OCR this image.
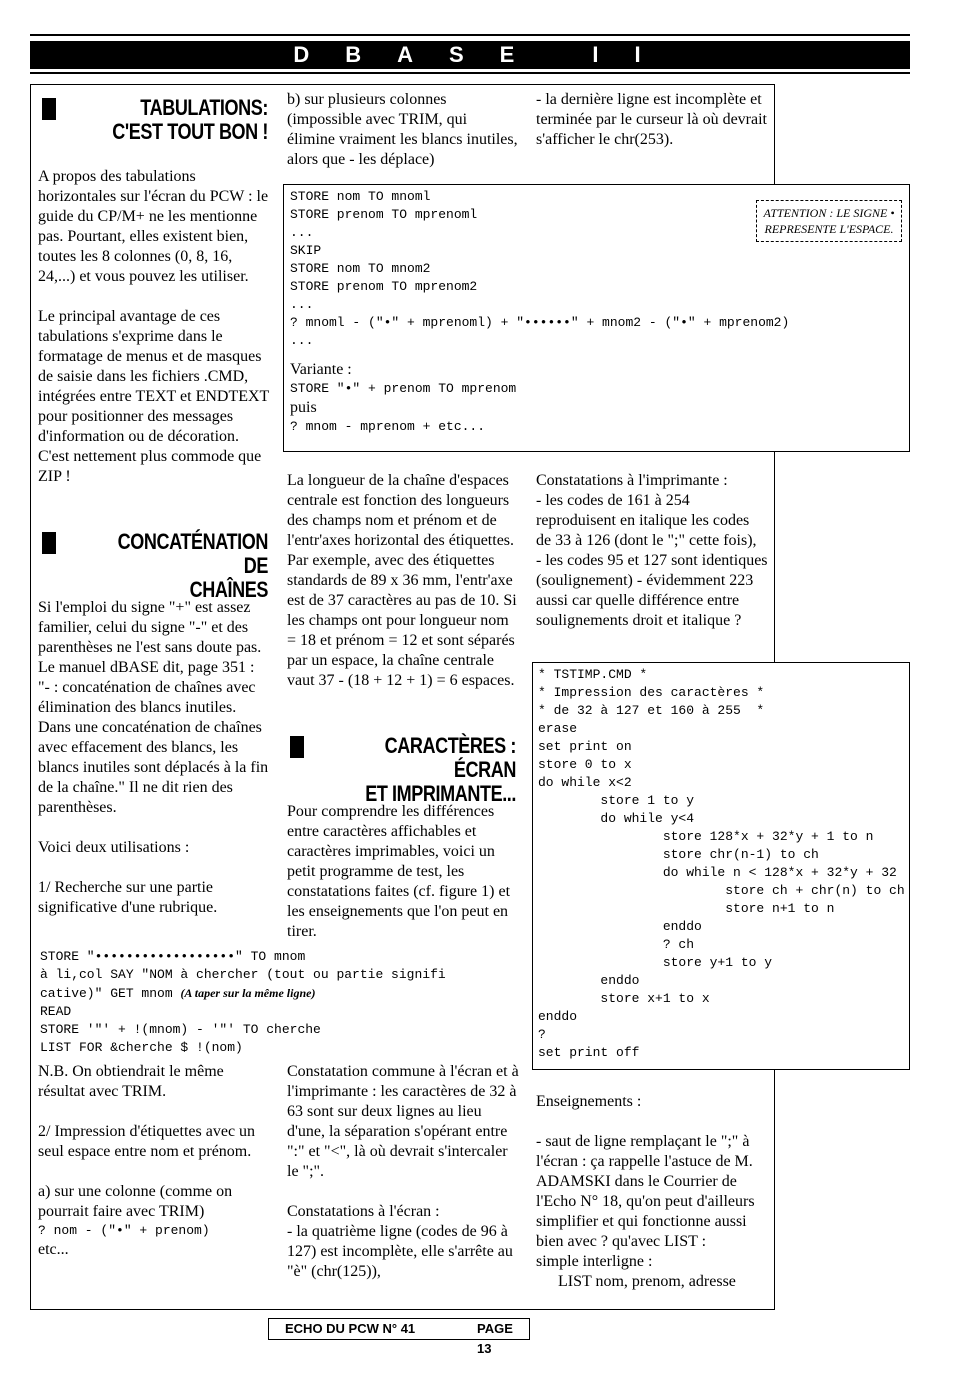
DBASE II
TABULATIONS:
C'EST TOUT BON !

A propos des tabulations horizontales sur l'écran du PCW : le guide du CP/M+ ne les mentionne pas. Pourtant, elles existent bien, toutes les 8 colonnes (0, 8, 16, 24,...) et vous pouvez les utiliser.

Le principal avantage de ces tabulations s'exprime dans le formatage de menus et de masques de saisie dans les fichiers .CMD, intégrées entre TEXT et ENDTEXT pour positionner des messages d'information ou de décoration. C'est nettement plus commode que ZIP !

CONCATÉNATION DE
CHAÎNES

Si l'emploi du signe "+" est assez familier, celui du signe "-" et des parenthèses ne l'est sans doute pas. Le manuel dBASE dit, page 351 :

"- : concaténation de chaînes avec élimination des blancs inutiles. Dans une concaténation de chaînes avec effacement des blancs, les blancs inutiles sont déplacés à la fin de la chaîne." Il ne dit rien des parenthèses.

Voici deux utilisations :

1/ Recherche sur une partie significative d'une rubrique.

STORE "••••••••••••••••••" TO mnom
à li,col SAY "NOM à chercher (tout ou partie signifi
cative)" GET mnom (A taper sur la même ligne)
READ
STORE '"' + !(mnom) - '"' TO cherche
LIST FOR &cherche $ !(nom)

N.B. On obtiendrait le même résultat avec TRIM.

2/ Impression d'étiquettes avec un seul espace entre nom et prénom.

a) sur une colonne (comme on pourrait faire avec TRIM)

? nom - ("•" + prenom)

etc...

b) sur plusieurs colonnes (impossible avec TRIM, qui élimine vraiment les blancs inutiles, alors que - les déplace)
- la dernière ligne est incomplète et terminée par le curseur là où devrait s'afficher le chr(253).
STORE nom TO mnoml
STORE prenom TO mprenoml
...
SKIP
STORE nom TO mnom2
STORE prenom TO mprenom2
...
? mnoml - ("•" + mprenoml) + "••••••" + mnom2 - ("•" + mprenom2)
...
Variante :
STORE "•" + prenom TO mprenom
puis
? mnom - mprenom + etc...
ATTENTION : LE SIGNE • REPRESENTE L'ESPACE.

La longueur de la chaîne d'espaces centrale est fonction des longueurs des champs nom et prénom et de l'entr'axes horizontal des étiquettes. Par exemple, avec des étiquettes standards de 89 x 36 mm, l'entr'axe est de 37 caractères au pas de 10. Si les champs ont pour longueur nom = 18 et prénom = 12 et sont séparés par un espace, la chaîne centrale vaut 37 - (18 + 12 + 1) = 6 espaces.

CARACTÈRES : ÉCRAN
ET IMPRIMANTE...

Pour comprendre les différences entre caractères affichables et caractères imprimables, voici un petit programme de test, les constatations faites (cf. figure 1) et les enseignements que l'on peut en tirer.

Constatation commune à l'écran et à l'imprimante : les caractères de 32 à 63 sont sur deux lignes au lieu d'une, la séparation s'opérant entre ":" et "<", là où devrait s'intercaler le ";".

Constatations à l'écran :

- la quatrième ligne (codes de 96 à 127) est incomplète, elle s'arrête au "è" (chr(125)),

Constatations à l'imprimante :

- les codes de 161 à 254 reproduisent en italique les codes de 33 à 126 (dont le ";" cette fois),

- les codes 95 et 127 sont identiques (soulignement) - évidemment 223 aussi car quelle différence entre soulignements droit et italique ?

* TSTIMP.CMD *
* Impression des caractères *
* de 32 à 127 et 160 à 255  *
erase
set print on
store 0 to x
do while x<2
store 1 to y
do while y<4
store 128*x + 32*y + 1 to n
store chr(n-1) to ch
do while n < 128*x + 32*y + 32
store ch + chr(n) to ch
store n+1 to n
enddo
? ch
store y+1 to y
enddo
store x+1 to x
enddo
?
set print off

Enseignements :

- saut de ligne remplaçant le ";" à l'écran : ça rappelle l'astuce de M. ADAMSKI dans le Courrier de l'Echo N° 18, qu'on peut d'ailleurs simplifier et qui fonctionne aussi bien avec ? qu'avec LIST :

simple interligne :

LIST nom, prenom, adresse

ECHO DU PCW N° 41	PAGE 13
